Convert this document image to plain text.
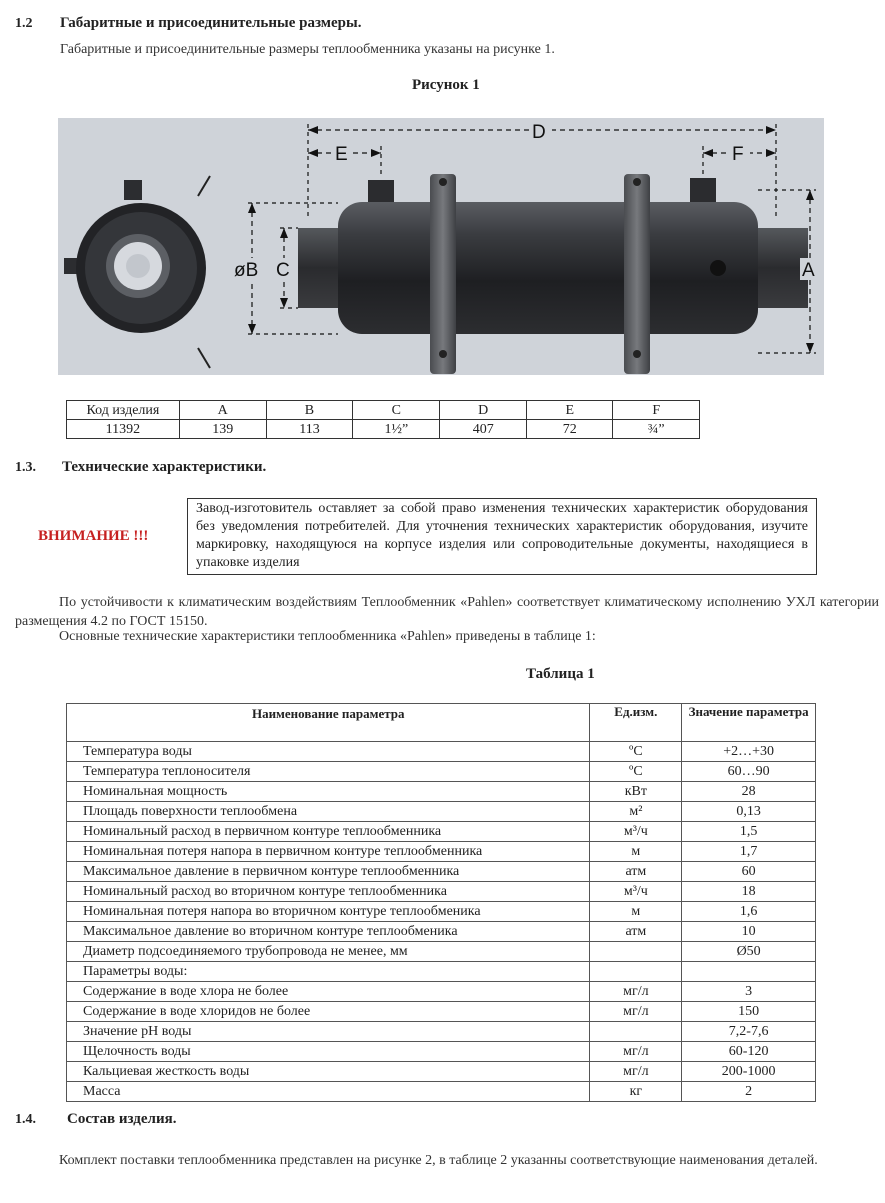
1.2 Габаритные и присоединительные размеры.
Габаритные и присоединительные размеры теплообменника указаны на рисунке 1.
Рисунок 1
D
E	F
øB C	A
Код изделия	A	B	C	D	E	F
11392	139	113	1½”	407	72	¾”
1.3. Технические характеристики.
ВНИМАНИЕ !!!
Завод-изготовитель оставляет за собой право изменения технических характеристик оборудования без уведомления потребителей. Для уточнения технических характеристик оборудования, изучите маркировку, находящуюся на корпусе изделия или сопроводительные документы, находящиеся в упаковке изделия
По устойчивости к климатическим воздействиям Теплообменник «Pahlen» соответствует климатическому исполнению УХЛ категории размещения 4.2 по ГОСТ 15150.
Основные технические характеристики теплообменника «Pahlen» приведены в таблице 1:
Таблица 1
Наименование параметра	Ед.изм.	Значение параметра
Температура воды	ºС	+2…+30
Температура теплоносителя	ºС	60…90
Номинальная мощность	кВт	28
Площадь поверхности теплообмена	м²	0,13
Номинальный расход в первичном контуре теплообменника	м³/ч	1,5
Номинальная потеря напора в первичном контуре теплообменника	м	1,7
Максимальное давление в первичном контуре теплообменника	атм	60
Номинальный расход во вторичном контуре теплообменника	м³/ч	18
Номинальная потеря напора во вторичном контуре теплообменика	м	1,6
Максимальное давление во вторичном контуре теплообменика	атм	10
Диаметр подсоединяемого трубопровода не менее, мм		Ø50
Параметры воды:		
Содержание в воде хлора не более	мг/л	3
Содержание в воде хлоридов не более	мг/л	150
Значение pH воды		7,2-7,6
Щелочность воды	мг/л	60-120
Кальциевая жесткость воды	мг/л	200-1000
Масса	кг	2
1.4. Состав изделия.
Комплект поставки теплообменника представлен на рисунке 2, в таблице 2 указанны соответствующие наименования деталей.
